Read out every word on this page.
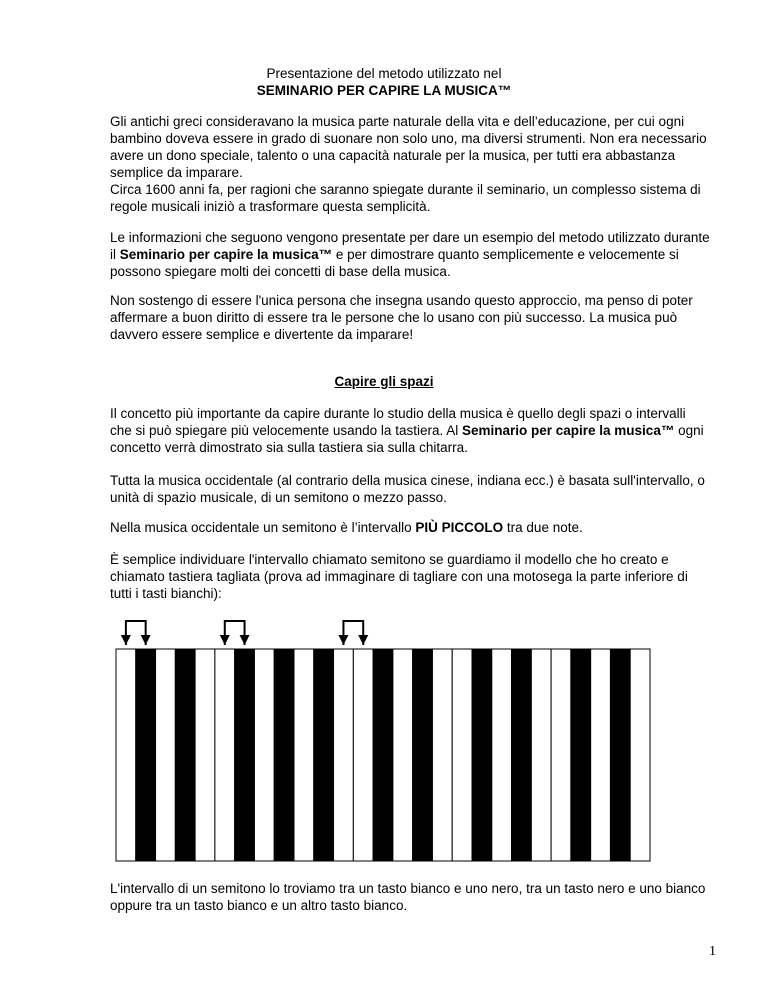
Presentazione del metodo utilizzato nel
SEMINARIO PER CAPIRE LA MUSICA™

Gli antichi greci consideravano la musica parte naturale della vita e dell’educazione, per cui ogni bambino doveva essere in grado di suonare non solo uno, ma diversi strumenti. Non era necessario avere un dono speciale, talento o una capacità naturale per la musica, per tutti era abbastanza semplice da imparare.
Circa 1600 anni fa, per ragioni che saranno spiegate durante il seminario, un complesso sistema di regole musicali iniziò a trasformare questa semplicità.

Le informazioni che seguono vengono presentate per dare un esempio del metodo utilizzato durante il Seminario per capire la musica™ e per dimostrare quanto semplicemente e velocemente si possono spiegare molti dei concetti di base della musica.

Non sostengo di essere l'unica persona che insegna usando questo approccio, ma penso di poter affermare a buon diritto di essere tra le persone che lo usano con più successo. La musica può davvero essere semplice e divertente da imparare!

Capire gli spazi

Il concetto più importante da capire durante lo studio della musica è quello degli spazi o intervalli che si può spiegare più velocemente usando la tastiera. Al Seminario per capire la musica™ ogni concetto verrà dimostrato sia sulla tastiera sia sulla chitarra.

Tutta la musica occidentale (al contrario della musica cinese, indiana ecc.) è basata sull'intervallo, o unità di spazio musicale, di un semitono o mezzo passo.

Nella musica occidentale un semitono è l’intervallo PIÙ PICCOLO tra due note.

È semplice individuare l'intervallo chiamato semitono se guardiamo il modello che ho creato e chiamato tastiera tagliata (prova ad immaginare di tagliare con una motosega la parte inferiore di tutti i tasti bianchi):

L'intervallo di un semitono lo troviamo tra un tasto bianco e uno nero, tra un tasto nero e uno bianco oppure tra un tasto bianco e un altro tasto bianco.

1
